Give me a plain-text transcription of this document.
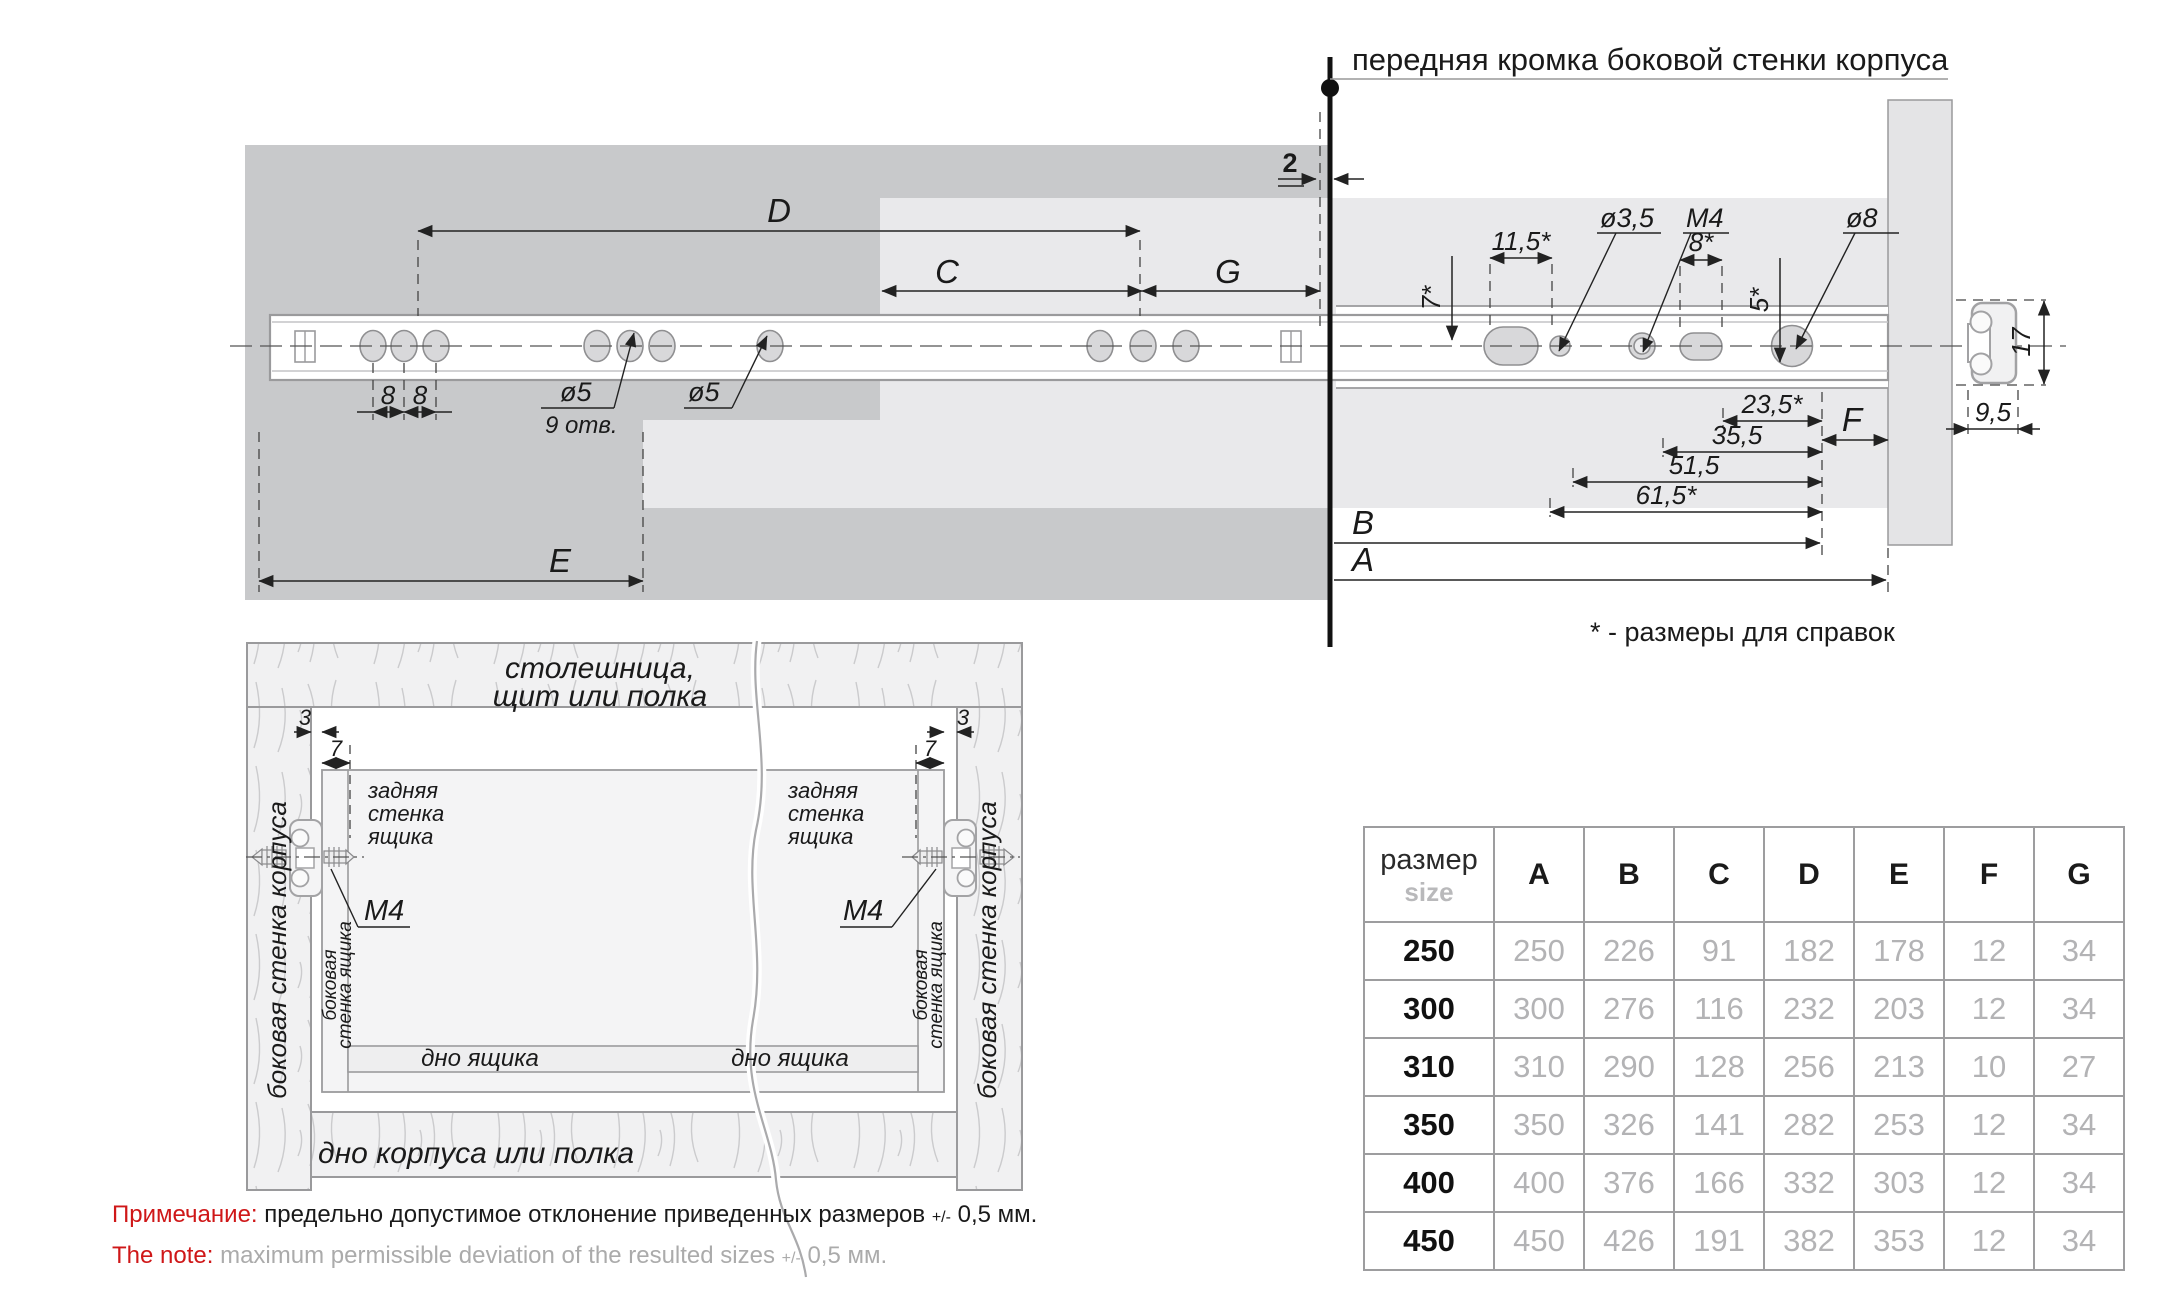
передняя кромка боковой стенки корпуса
D
C	G
E
B
A
F
2
8 8	ø5
9 отв.
ø5
7*
11,5*
ø3,5 M4
8*
5*
ø8
23,5*
35,5
51,5
61,5*
17
9,5
* - размеры для справок
столешница,
щит или полка
задняя
стенка
ящика
задняя
стенка
ящика
боковая стенка корпуса	боковая стенка корпуса
боковая
стенка ящика	боковая
стенка ящика
дно ящика	дно ящика
дно корпуса или полка
M4	M4
3	3
7	7
Примечание: предельно допустимое отклонение приведенных размеров +/- 0,5 мм.
The note: maximum permissible deviation of the resulted sizes +/- 0,5 мм.
размер
size	A	B	C	D	E	F	G
250	250	226	91	182	178	12	34
300	300	276	116	232	203	12	34
310	310	290	128	256	213	10	27
350	350	326	141	282	253	12	34
400	400	376	166	332	303	12	34
450	450	426	191	382	353	12	34
